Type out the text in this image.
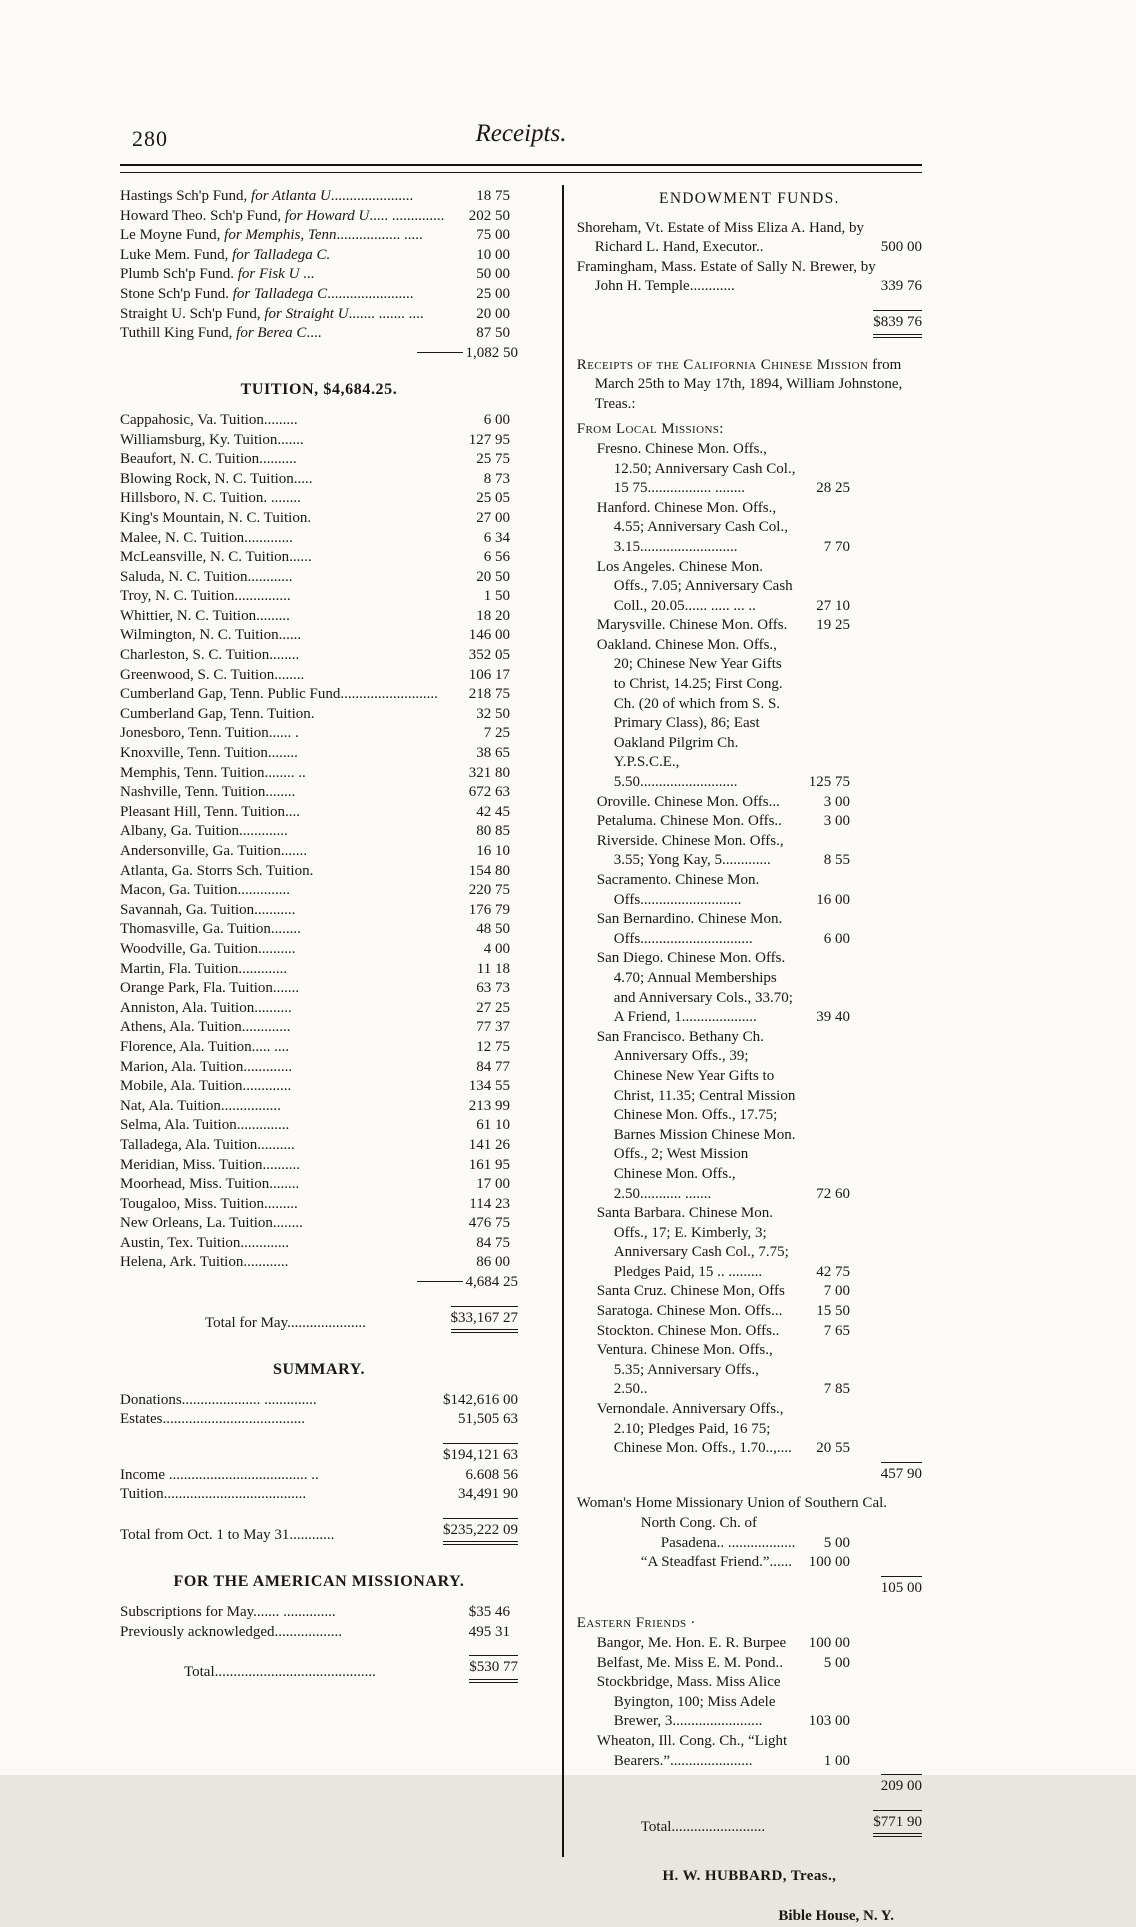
280	Receipts.
Hastings Sch'p Fund, for Atlanta U......................	18 75
Howard Theo. Sch'p Fund, for Howard U..... ..............	202 50
Le Moyne Fund, for Memphis, Tenn................. .....	75 00
Luke Mem. Fund, for Talladega C.	10 00
Plumb Sch'p Fund. for Fisk U ...	50 00
Stone Sch'p Fund. for Talladega C.......................	25 00
Straight U. Sch'p Fund, for Straight U....... ....... ....	20 00
Tuthill King Fund, for Berea C....	87 50
1,082 50
TUITION, $4,684.25.
Cappahosic, Va. Tuition.........	6 00
Williamsburg, Ky. Tuition.......	127 95
Beaufort, N. C. Tuition..........	25 75
Blowing Rock, N. C. Tuition.....	8 73
Hillsboro, N. C. Tuition. ........	25 05
King's Mountain, N. C. Tuition.	27 00
Malee, N. C. Tuition.............	6 34
McLeansville, N. C. Tuition......	6 56
Saluda, N. C. Tuition............	20 50
Troy, N. C. Tuition...............	1 50
Whittier, N. C. Tuition.........	18 20
Wilmington, N. C. Tuition......	146 00
Charleston, S. C. Tuition........	352 05
Greenwood, S. C. Tuition........	106 17
Cumberland Gap, Tenn. Public Fund..........................	218 75
Cumberland Gap, Tenn. Tuition.	32 50
Jonesboro, Tenn. Tuition...... .	7 25
Knoxville, Tenn. Tuition........	38 65
Memphis, Tenn. Tuition........ ..	321 80
Nashville, Tenn. Tuition........	672 63
Pleasant Hill, Tenn. Tuition....	42 45
Albany, Ga. Tuition.............	80 85
Andersonville, Ga. Tuition.......	16 10
Atlanta, Ga. Storrs Sch. Tuition.	154 80
Macon, Ga. Tuition..............	220 75
Savannah, Ga. Tuition...........	176 79
Thomasville, Ga. Tuition........	48 50
Woodville, Ga. Tuition..........	4 00
Martin, Fla. Tuition.............	11 18
Orange Park, Fla. Tuition.......	63 73
Anniston, Ala. Tuition..........	27 25
Athens, Ala. Tuition.............	77 37
Florence, Ala. Tuition..... ....	12 75
Marion, Ala. Tuition.............	84 77
Mobile, Ala. Tuition.............	134 55
Nat, Ala. Tuition................	213 99
Selma, Ala. Tuition..............	61 10
Talladega, Ala. Tuition..........	141 26
Meridian, Miss. Tuition..........	161 95
Moorhead, Miss. Tuition........	17 00
Tougaloo, Miss. Tuition.........	114 23
New Orleans, La. Tuition........	476 75
Austin, Tex. Tuition.............	84 75
Helena, Ark. Tuition............	86 00
4,684 25
Total for May.....................	$33,167 27
SUMMARY.
Donations..................... ..............	$142,616 00
Estates......................................	51,505 63
$194,121 63
Income ..................................... ..	6.608 56
Tuition......................................	34,491 90
Total from Oct. 1 to May 31............	$235,222 09
FOR THE AMERICAN MISSIONARY.
Subscriptions for May....... ..............	$35 46
Previously acknowledged..................	495 31
Total...........................................	$530 77
ENDOWMENT FUNDS.
Shoreham, Vt. Estate of Miss Eliza A. Hand, by Richard L. Hand, Executor..	500 00
Framingham, Mass. Estate of Sally N. Brewer, by John H. Temple............	339 76
$839 76
Receipts of the California Chinese Mission from March 25th to May 17th, 1894, William Johnstone, Treas.:
From Local Missions:
Fresno. Chinese Mon. Offs., 12.50; Anniversary Cash Col., 15 75................. ........	28 25
Hanford. Chinese Mon. Offs., 4.55; Anniversary Cash Col., 3.15..........................	7 70
Los Angeles. Chinese Mon. Offs., 7.05; Anniversary Cash Coll., 20.05...... ..... ... ..	27 10
Marysville. Chinese Mon. Offs.	19 25
Oakland. Chinese Mon. Offs., 20; Chinese New Year Gifts to Christ, 14.25; First Cong. Ch. (20 of which from S. S. Primary Class), 86; East Oakland Pilgrim Ch. Y.P.S.C.E., 5.50..........................	125 75
Oroville. Chinese Mon. Offs...	3 00
Petaluma. Chinese Mon. Offs..	3 00
Riverside. Chinese Mon. Offs., 3.55; Yong Kay, 5.............	8 55
Sacramento. Chinese Mon. Offs...........................	16 00
San Bernardino. Chinese Mon. Offs..............................	6 00
San Diego. Chinese Mon. Offs. 4.70; Annual Memberships and Anniversary Cols., 33.70; A Friend, 1....................	39 40
San Francisco. Bethany Ch. Anniversary Offs., 39; Chinese New Year Gifts to Christ, 11.35; Central Mission Chinese Mon. Offs., 17.75; Barnes Mission Chinese Mon. Offs., 2; West Mission Chinese Mon. Offs., 2.50........... .......	72 60
Santa Barbara. Chinese Mon. Offs., 17; E. Kimberly, 3; Anniversary Cash Col., 7.75; Pledges Paid, 15 .. .........	42 75
Santa Cruz. Chinese Mon, Offs	7 00
Saratoga. Chinese Mon. Offs...	15 50
Stockton. Chinese Mon. Offs..	7 65
Ventura. Chinese Mon. Offs., 5.35; Anniversary Offs., 2.50..	7 85
Vernondale. Anniversary Offs., 2.10; Pledges Paid, 16 75; Chinese Mon. Offs., 1.70..,....	20 55
457 90
Woman's Home Missionary Union of Southern Cal.
North Cong. Ch. of Pasadena.. ..................	5 00
“A Steadfast Friend.”......	100 00
105 00
Eastern Friends ·
Bangor, Me. Hon. E. R. Burpee	100 00
Belfast, Me. Miss E. M. Pond..	5 00
Stockbridge, Mass. Miss Alice Byington, 100; Miss Adele Brewer, 3........................	103 00
Wheaton, Ill. Cong. Ch., “Light Bearers.”......................	1 00
209 00
Total.........................	$771 90
H. W. HUBBARD, Treas.,
Bible House, N. Y.
